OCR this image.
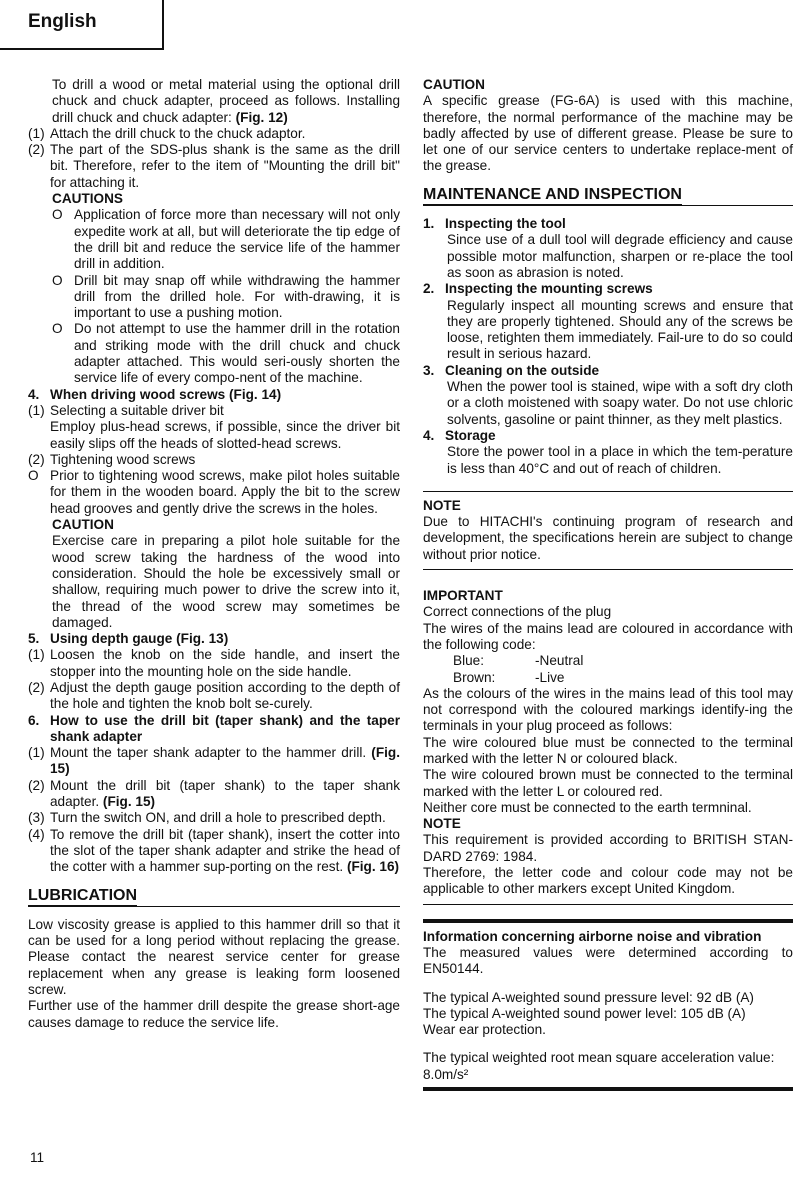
English

To drill a wood or metal material using the optional drill chuck and chuck adapter, proceed as follows. Installing drill chuck and chuck adapter: (Fig. 12)

(1) Attach the drill chuck to the chuck adaptor.
(2) The part of the SDS-plus shank is the same as the drill bit. Therefore, refer to the item of "Mounting the drill bit" for attaching it.

CAUTIONS

O Application of force more than necessary will not only expedite work at all, but will deteriorate the tip edge of the drill bit and reduce the service life of the hammer drill in addition.
O Drill bit may snap off while withdrawing the hammer drill from the drilled hole. For with-drawing, it is important to use a pushing motion.
O Do not attempt to use the hammer drill in the rotation and striking mode with the drill chuck and chuck adapter attached. This would seri-ously shorten the service life of every compo-nent of the machine.
4. When driving wood screws (Fig. 14)
(1) Selecting a suitable driver bit
Employ plus-head screws, if possible, since the driver bit easily slips off the heads of slotted-head screws.
(2) Tightening wood screws
O Prior to tightening wood screws, make pilot holes suitable for them in the wooden board. Apply the bit to the screw head grooves and gently drive the screws in the holes.

CAUTION

Exercise care in preparing a pilot hole suitable for the wood screw taking the hardness of the wood into consideration. Should the hole be excessively small or shallow, requiring much power to drive the screw into it, the thread of the wood screw may sometimes be damaged.

5. Using depth gauge (Fig. 13)
(1) Loosen the knob on the side handle, and insert the stopper into the mounting hole on the side handle.
(2) Adjust the depth gauge position according to the depth of the hole and tighten the knob bolt se-curely.
6. How to use the drill bit (taper shank) and the taper shank adapter
(1) Mount the taper shank adapter to the hammer drill. (Fig. 15)
(2) Mount the drill bit (taper shank) to the taper shank adapter. (Fig. 15)
(3) Turn the switch ON, and drill a hole to prescribed depth.
(4) To remove the drill bit (taper shank), insert the cotter into the slot of the taper shank adapter and strike the head of the cotter with a hammer sup-porting on the rest. (Fig. 16)
LUBRICATION

Low viscosity grease is applied to this hammer drill so that it can be used for a long period without replacing the grease. Please contact the nearest service center for grease replacement when any grease is leaking form loosened screw.

Further use of the hammer drill despite the grease short-age causes damage to reduce the service life.

CAUTION

A specific grease (FG-6A) is used with this machine, therefore, the normal performance of the machine may be badly affected by use of different grease. Please be sure to let one of our service centers to undertake replace-ment of the grease.

MAINTENANCE AND INSPECTION
1. Inspecting the tool

Since use of a dull tool will degrade efficiency and cause possible motor malfunction, sharpen or re-place the tool as soon as abrasion is noted.

2. Inspecting the mounting screws

Regularly inspect all mounting screws and ensure that they are properly tightened. Should any of the screws be loose, retighten them immediately. Fail-ure to do so could result in serious hazard.

3. Cleaning on the outside

When the power tool is stained, wipe with a soft dry cloth or a cloth moistened with soapy water. Do not use chloric solvents, gasoline or paint thinner, as they melt plastics.

4. Storage

Store the power tool in a place in which the tem-perature is less than 40°C and out of reach of children.

NOTE

Due to HITACHI's continuing program of research and development, the specifications herein are subject to change without prior notice.

IMPORTANT

Correct connections of the plug

The wires of the mains lead are coloured in accordance with the following code:

Blue:	-Neutral
Brown:	-Live

As the colours of the wires in the mains lead of this tool may not correspond with the coloured markings identify-ing the terminals in your plug proceed as follows:

The wire coloured blue must be connected to the terminal marked with the letter N or coloured black.

The wire coloured brown must be connected to the terminal marked with the letter L or coloured red.

Neither core must be connected to the earth termninal.

NOTE

This requirement is provided according to BRITISH STAN-DARD 2769: 1984.

Therefore, the letter code and colour code may not be applicable to other markers except United Kingdom.

Information concerning airborne noise and vibration

The measured values were determined according to EN50144.

The typical A-weighted sound pressure level: 92 dB (A)

The typical A-weighted sound power level: 105 dB (A)

Wear ear protection.

The typical weighted root mean square acceleration value:

8.0m/s²

11
